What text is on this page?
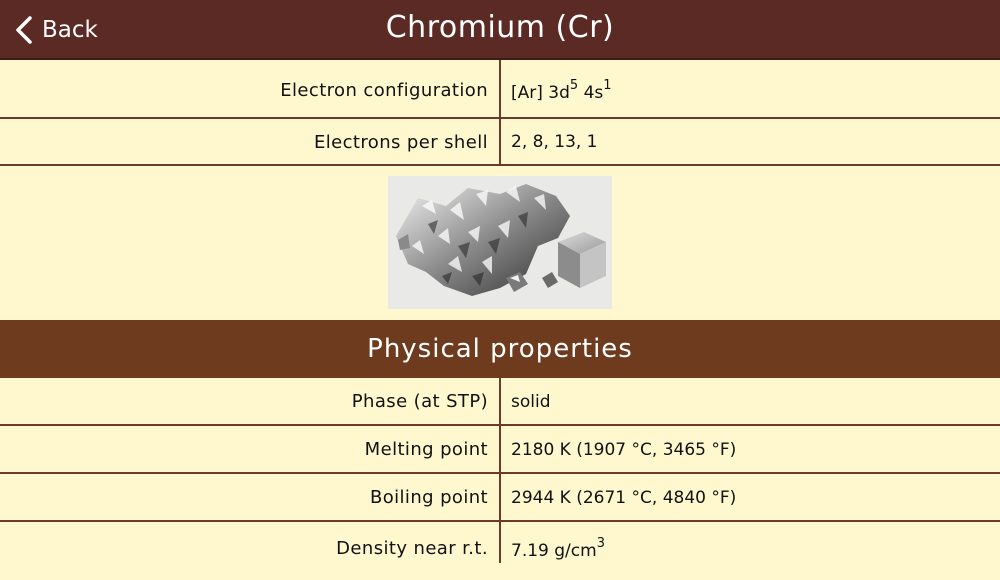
Back	Chromium (Cr)
Electron configuration	[Ar] $3d^5$ $4s^1$
Electrons per shell	2, 8, 13, 1
Physical properties
Phase (at STP)	solid
Melting point	2180 K (1907 °C, 3465 °F)
Boiling point	2944 K (2671 °C, 4840 °F)
Density near r.t.	7.19 $g/cm^3$
